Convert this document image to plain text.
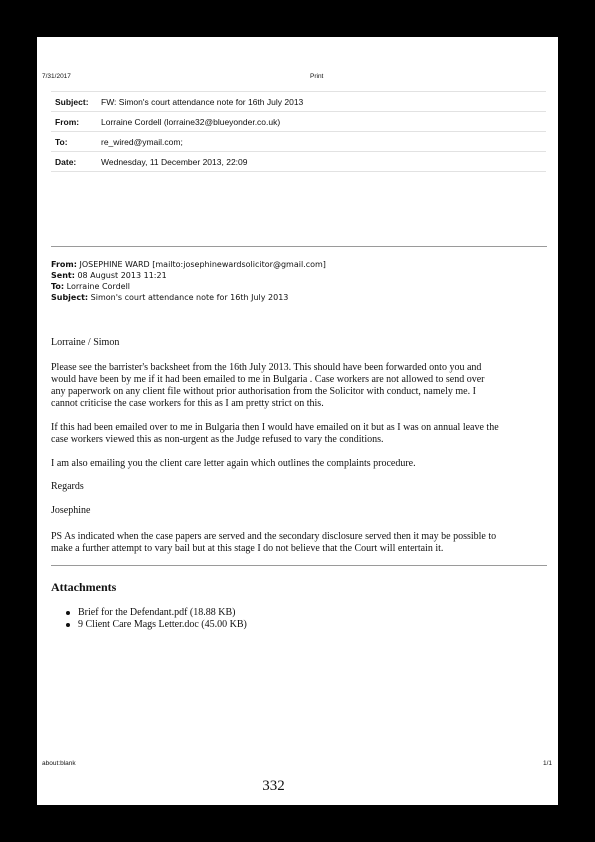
7/31/2017	Print
Subject:	FW: Simon's court attendance note for 16th July 2013
From:	Lorraine Cordell (lorraine32@blueyonder.co.uk)
To:	re_wired@ymail.com;
Date:	Wednesday, 11 December 2013, 22:09
From: JOSEPHINE WARD [mailto:josephinewardsolicitor@gmail.com]
Sent: 08 August 2013 11:21
To: Lorraine Cordell
Subject: Simon's court attendance note for 16th July 2013

Lorraine / Simon

Please see the barrister's backsheet from the 16th July 2013. This should have been forwarded onto you and
would have been by me if it had been emailed to me in Bulgaria . Case workers are not allowed to send over
any paperwork on any client file without prior authorisation from the Solicitor with conduct, namely me. I
cannot criticise the case workers for this as I am pretty strict on this.
If this had been emailed over to me in Bulgaria then I would have emailed on it but as I was on annual leave the
case workers viewed this as non-urgent as the Judge refused to vary the conditions.

I am also emailing you the client care letter again which outlines the complaints procedure.

Regards

Josephine

PS As indicated when the case papers are served and the secondary disclosure served then it may be possible to
make a further attempt to vary bail but at this stage I do not believe that the Court will entertain it.
Attachments
Brief for the Defendant.pdf (18.88 KB)
9 Client Care Mags Letter.doc (45.00 KB)
about:blank	1/1
332
